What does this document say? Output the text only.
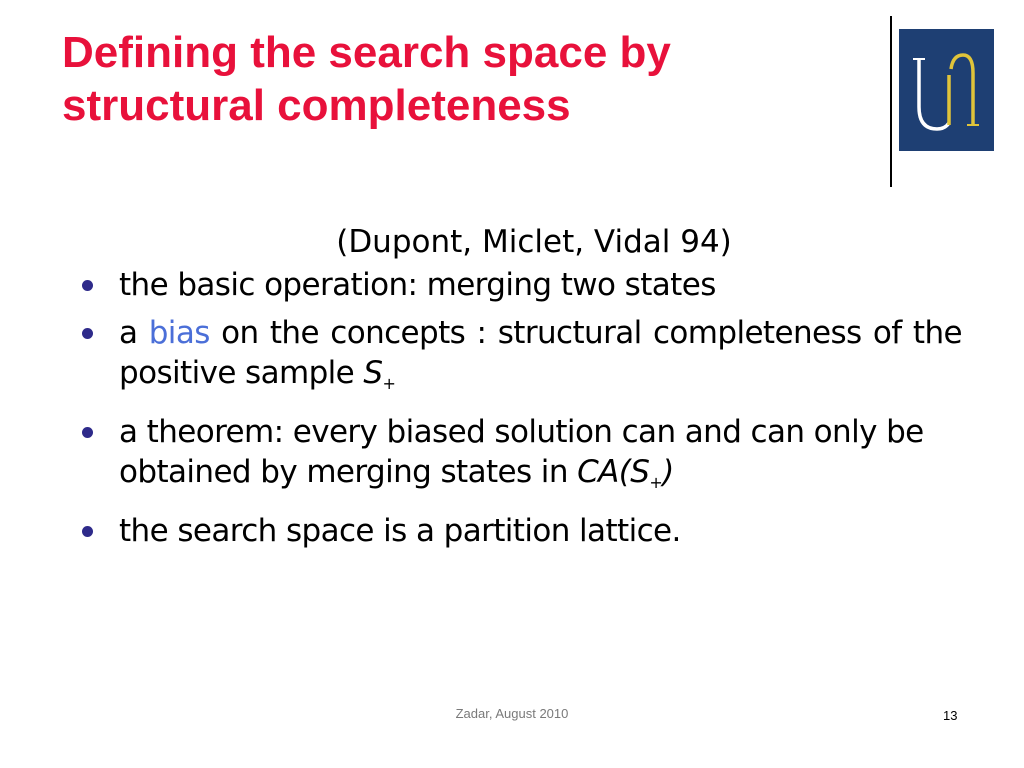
Defining the search space by structural completeness
(Dupont, Miclet, Vidal 94)
the basic operation: merging two states
a bias on the concepts : structural completeness of the positive sample $S_+$
a theorem: every biased solution can and can only be obtained by merging states in $CA(S_+)$
the search space is a partition lattice.
Zadar, August 2010	13
